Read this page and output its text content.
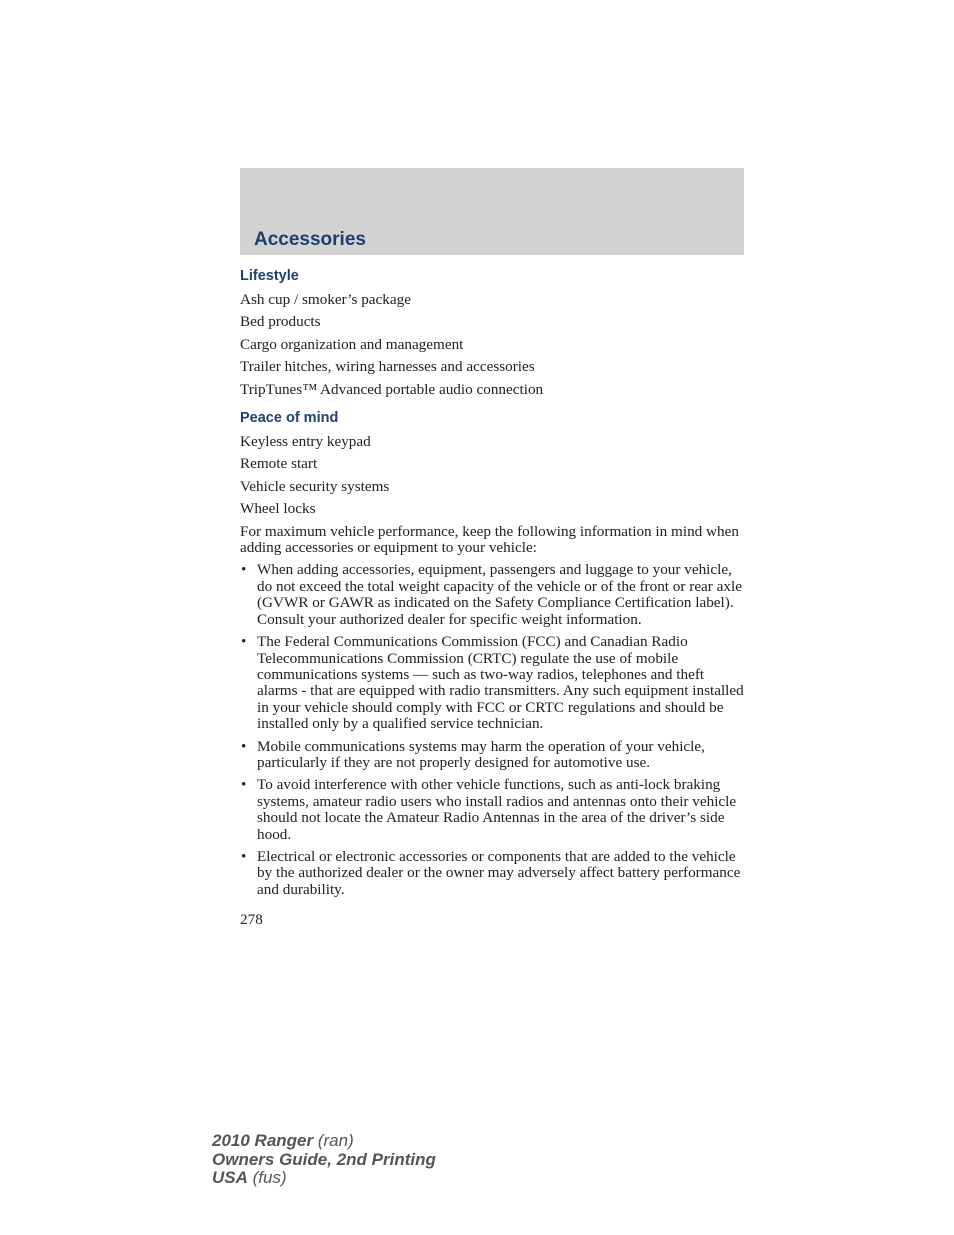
Accessories
Lifestyle
Ash cup / smoker’s package
Bed products
Cargo organization and management
Trailer hitches, wiring harnesses and accessories
TripTunes™ Advanced portable audio connection
Peace of mind
Keyless entry keypad
Remote start
Vehicle security systems
Wheel locks

For maximum vehicle performance, keep the following information in mind when adding accessories or equipment to your vehicle:

• When adding accessories, equipment, passengers and luggage to your vehicle, do not exceed the total weight capacity of the vehicle or of the front or rear axle (GVWR or GAWR as indicated on the Safety Compliance Certification label). Consult your authorized dealer for specific weight information.
• The Federal Communications Commission (FCC) and Canadian Radio Telecommunications Commission (CRTC) regulate the use of mobile communications systems — such as two-way radios, telephones and theft alarms - that are equipped with radio transmitters. Any such equipment installed in your vehicle should comply with FCC or CRTC regulations and should be installed only by a qualified service technician.
• Mobile communications systems may harm the operation of your vehicle, particularly if they are not properly designed for automotive use.
• To avoid interference with other vehicle functions, such as anti-lock braking systems, amateur radio users who install radios and antennas onto their vehicle should not locate the Amateur Radio Antennas in the area of the driver’s side hood.
• Electrical or electronic accessories or components that are added to the vehicle by the authorized dealer or the owner may adversely affect battery performance and durability.
278
2010 Ranger (ran)
Owners Guide, 2nd Printing
USA (fus)
